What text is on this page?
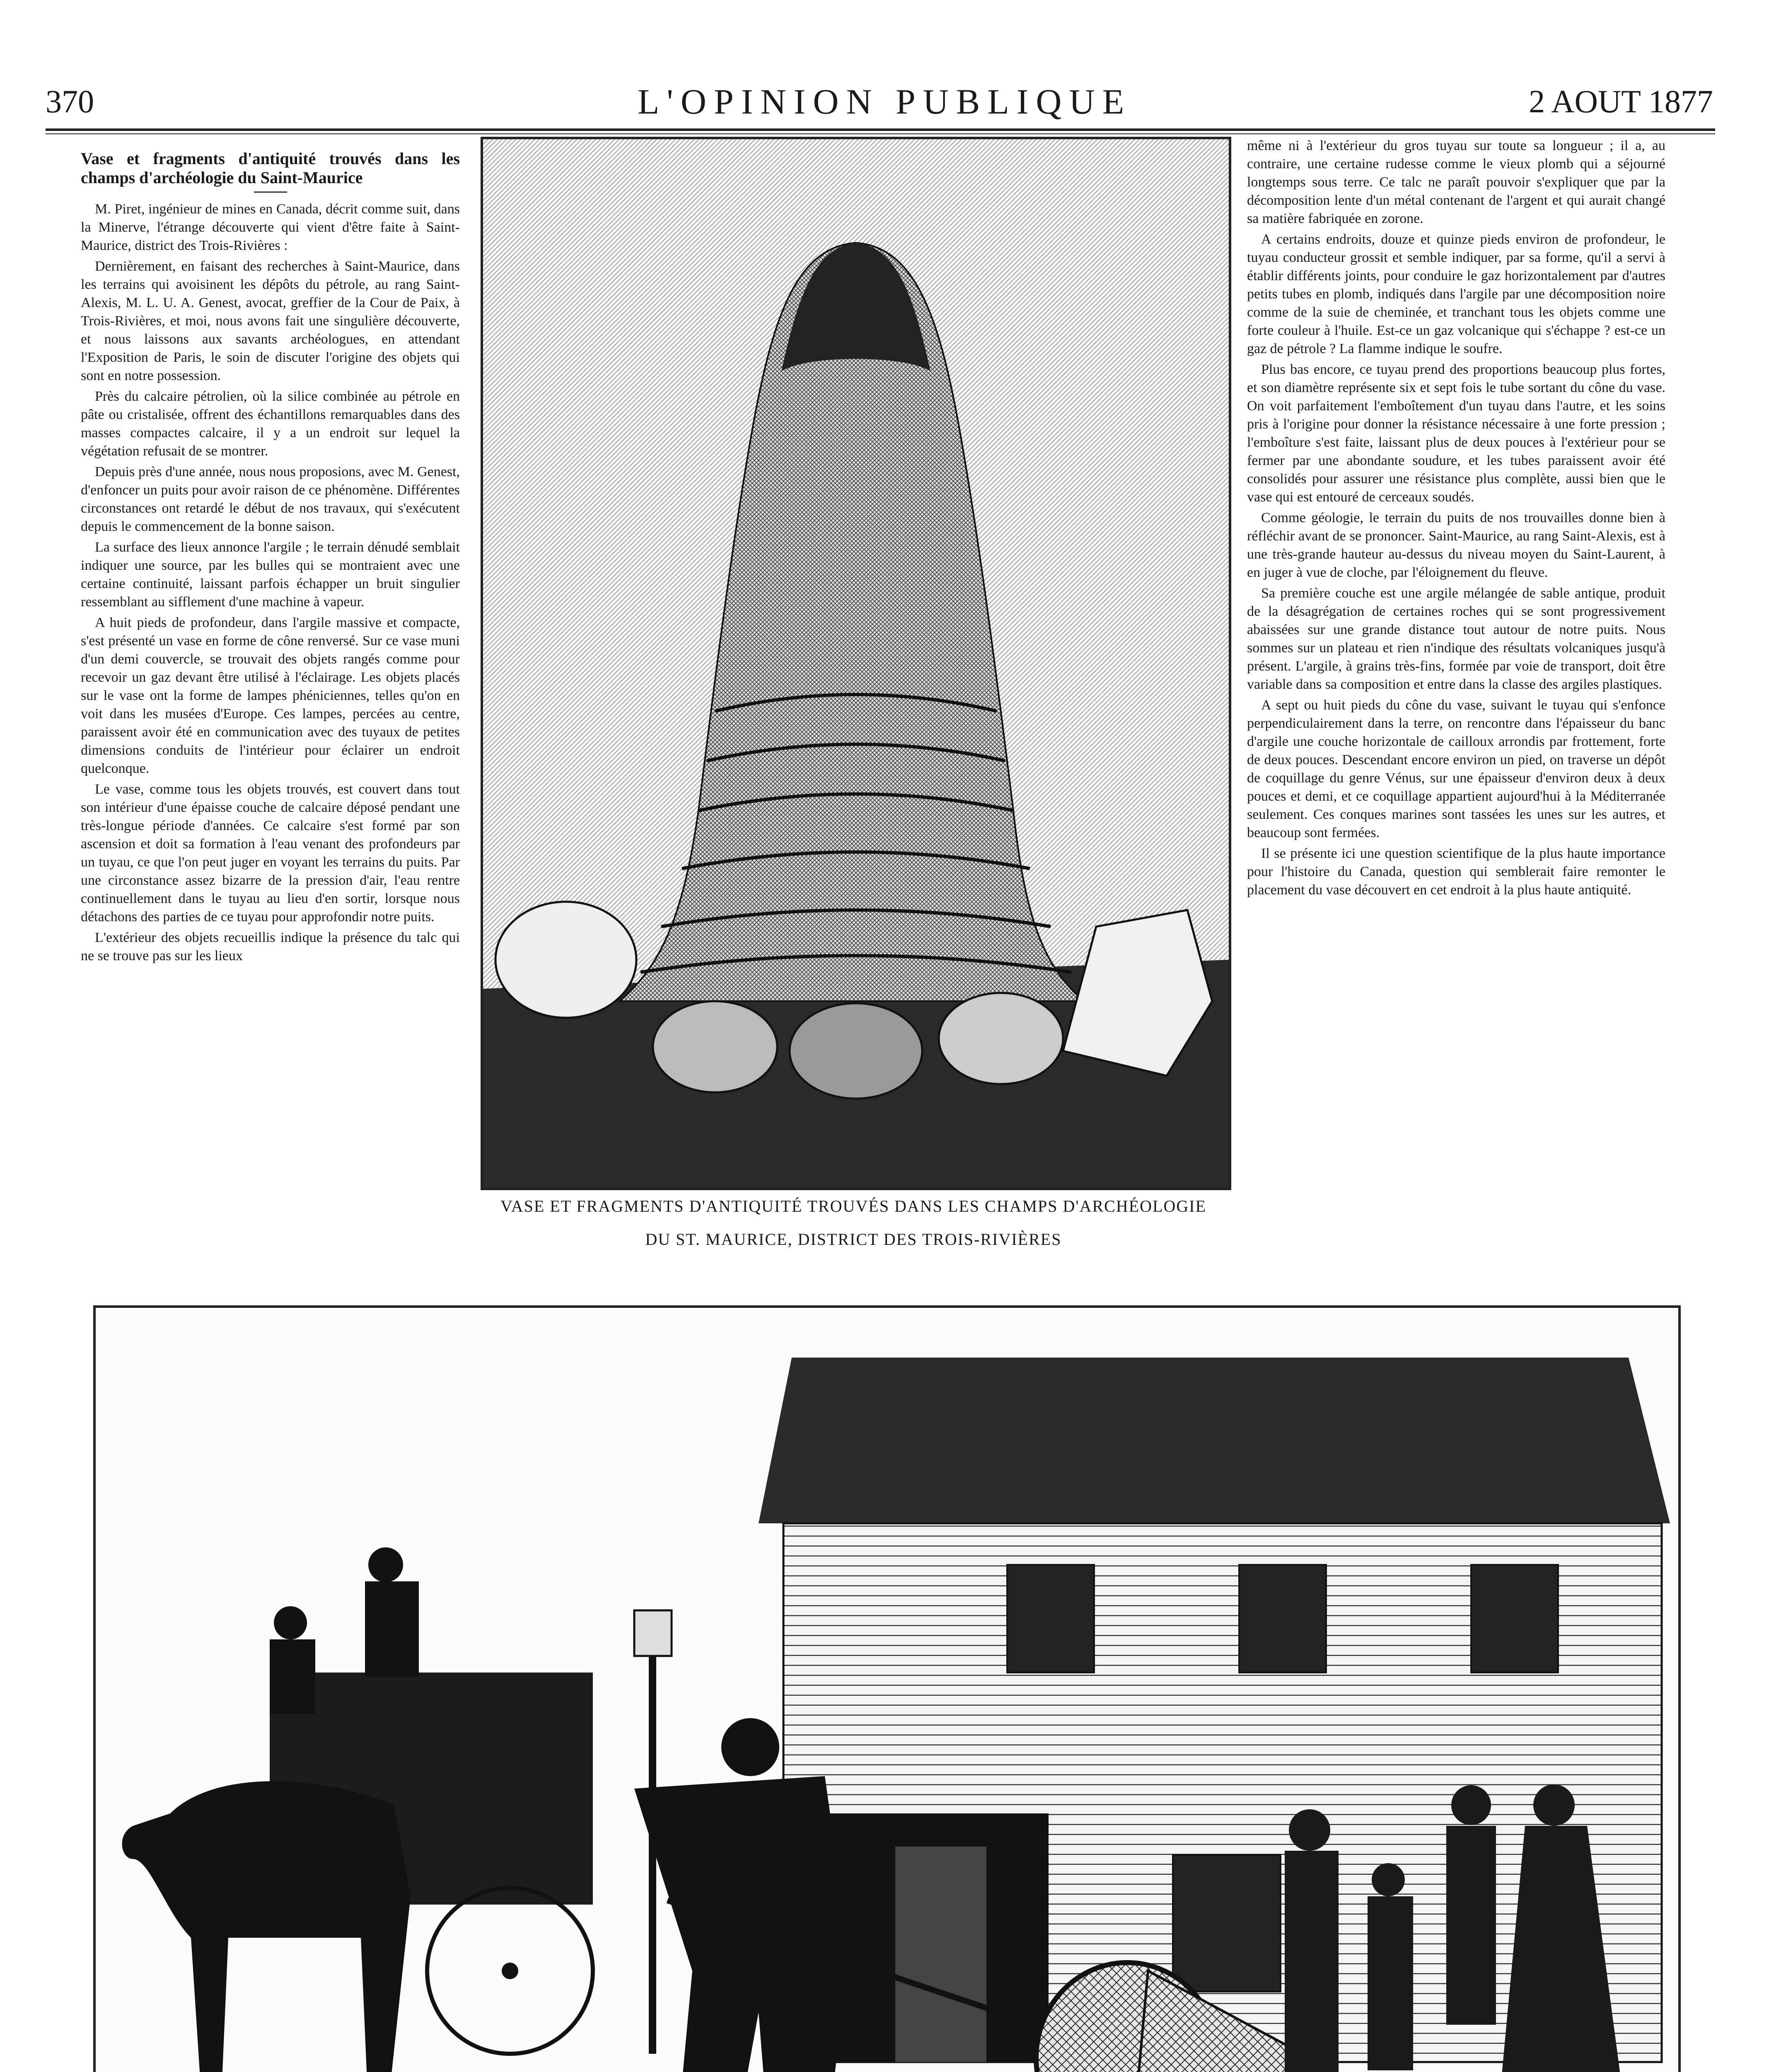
370	L'OPINION PUBLIQUE	2 AOUT 1877
Vase et fragments d'antiquité trouvés dans les champs d'archéologie du Saint-Maurice

M. Piret, ingénieur de mines en Canada, décrit comme suit, dans la Minerve, l'étrange découverte qui vient d'être faite à Saint-Maurice, district des Trois-Rivières :

Dernièrement, en faisant des recherches à Saint-Maurice, dans les terrains qui avoisinent les dépôts du pétrole, au rang Saint-Alexis, M. L. U. A. Genest, avocat, greffier de la Cour de Paix, à Trois-Rivières, et moi, nous avons fait une singulière découverte, et nous laissons aux savants archéologues, en attendant l'Exposition de Paris, le soin de discuter l'origine des objets qui sont en notre possession.

Près du calcaire pétrolien, où la silice combinée au pétrole en pâte ou cristalisée, offrent des échantillons remarquables dans des masses compactes calcaire, il y a un endroit sur lequel la végétation refusait de se montrer.

Depuis près d'une année, nous nous proposions, avec M. Genest, d'enfoncer un puits pour avoir raison de ce phénomène. Différentes circonstances ont retardé le début de nos travaux, qui s'exécutent depuis le commencement de la bonne saison.

La surface des lieux annonce l'argile ; le terrain dénudé semblait indiquer une source, par les bulles qui se montraient avec une certaine continuité, laissant parfois échapper un bruit singulier ressemblant au sifflement d'une machine à vapeur.

A huit pieds de profondeur, dans l'argile massive et compacte, s'est présenté un vase en forme de cône renversé. Sur ce vase muni d'un demi couvercle, se trouvait des objets rangés comme pour recevoir un gaz devant être utilisé à l'éclairage. Les objets placés sur le vase ont la forme de lampes phéniciennes, telles qu'on en voit dans les musées d'Europe. Ces lampes, percées au centre, paraissent avoir été en communication avec des tuyaux de petites dimensions conduits de l'intérieur pour éclairer un endroit quelconque.

Le vase, comme tous les objets trouvés, est couvert dans tout son intérieur d'une épaisse couche de calcaire déposé pendant une très-longue période d'années. Ce calcaire s'est formé par son ascension et doit sa formation à l'eau venant des profondeurs par un tuyau, ce que l'on peut juger en voyant les terrains du puits. Par une circonstance assez bizarre de la pression d'air, l'eau rentre continuellement dans le tuyau au lieu d'en sortir, lorsque nous détachons des parties de ce tuyau pour approfondir notre puits.

L'extérieur des objets recueillis indique la présence du talc qui ne se trouve pas sur les lieux

même ni à l'extérieur du gros tuyau sur toute sa longueur ; il a, au contraire, une certaine rudesse comme le vieux plomb qui a séjourné longtemps sous terre. Ce talc ne paraît pouvoir s'expliquer que par la décomposition lente d'un métal contenant de l'argent et qui aurait changé sa matière fabriquée en zorone.

A certains endroits, douze et quinze pieds environ de profondeur, le tuyau conducteur grossit et semble indiquer, par sa forme, qu'il a servi à établir différents joints, pour conduire le gaz horizontalement par d'autres petits tubes en plomb, indiqués dans l'argile par une décomposition noire comme de la suie de cheminée, et tranchant tous les objets comme une forte couleur à l'huile. Est-ce un gaz volcanique qui s'échappe ? est-ce un gaz de pétrole ? La flamme indique le soufre.

Plus bas encore, ce tuyau prend des proportions beaucoup plus fortes, et son diamètre représente six et sept fois le tube sortant du cône du vase. On voit parfaitement l'emboîtement d'un tuyau dans l'autre, et les soins pris à l'origine pour donner la résistance nécessaire à une forte pression ; l'emboîture s'est faite, laissant plus de deux pouces à l'extérieur pour se fermer par une abondante soudure, et les tubes paraissent avoir été consolidés pour assurer une résistance plus complète, aussi bien que le vase qui est entouré de cerceaux soudés.

Comme géologie, le terrain du puits de nos trouvailles donne bien à réfléchir avant de se prononcer. Saint-Maurice, au rang Saint-Alexis, est à une très-grande hauteur au-dessus du niveau moyen du Saint-Laurent, à en juger à vue de cloche, par l'éloignement du fleuve.

Sa première couche est une argile mélangée de sable antique, produit de la désagrégation de certaines roches qui se sont progressivement abaissées sur une grande distance tout autour de notre puits. Nous sommes sur un plateau et rien n'indique des résultats volcaniques jusqu'à présent. L'argile, à grains très-fins, formée par voie de transport, doit être variable dans sa composition et entre dans la classe des argiles plastiques.

A sept ou huit pieds du cône du vase, suivant le tuyau qui s'enfonce perpendiculairement dans la terre, on rencontre dans l'épaisseur du banc d'argile une couche horizontale de cailloux arrondis par frottement, forte de deux pouces. Descendant encore environ un pied, on traverse un dépôt de coquillage du genre Vénus, sur une épaisseur d'environ deux à deux pouces et demi, et ce coquillage appartient aujourd'hui à la Méditerranée seulement. Ces conques marines sont tassées les unes sur les autres, et beaucoup sont fermées.

Il se présente ici une question scientifique de la plus haute importance pour l'histoire du Canada, question qui semblerait faire remonter le placement du vase découvert en cet endroit à la plus haute antiquité.

VASE ET FRAGMENTS D'ANTIQUITÉ TROUVÉS DANS LES CHAMPS D'ARCHÉOLOGIE
DU ST. MAURICE, DISTRICT DES TROIS-RIVIÈRES
